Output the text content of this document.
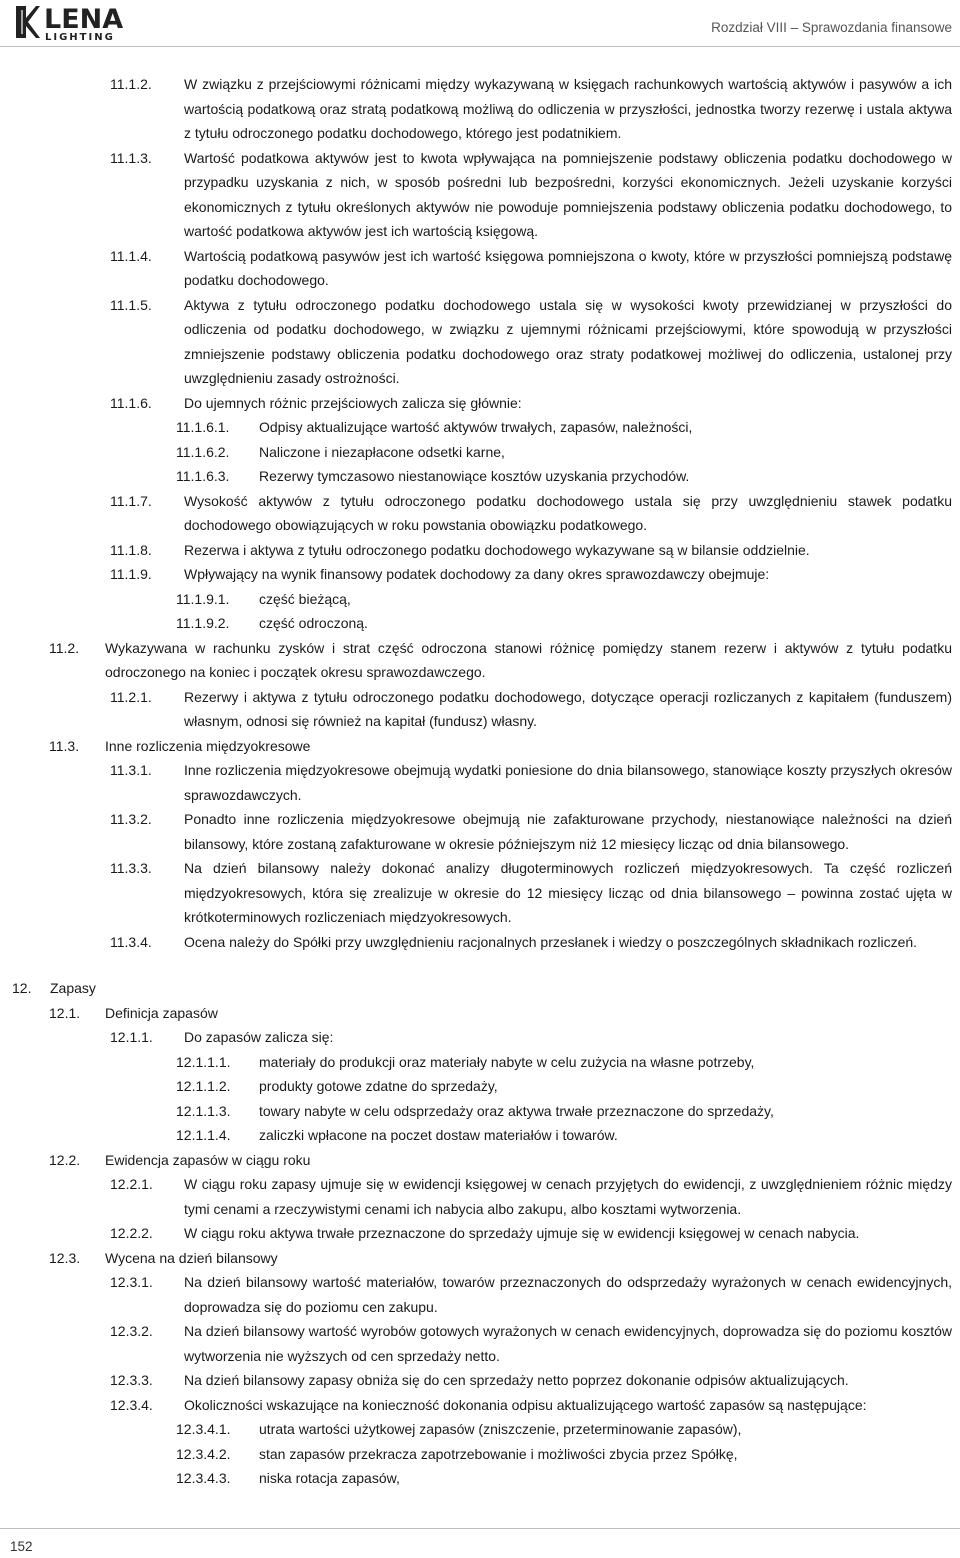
LENA
LIGHTING
Rozdział VIII – Sprawozdania finansowe
11.1.2. W związku z przejściowymi różnicami między wykazywaną w księgach rachunkowych wartością aktywów i pasywów a ich wartością podatkową oraz stratą podatkową możliwą do odliczenia w przyszłości, jednostka tworzy rezerwę i ustala aktywa z tytułu odroczonego podatku dochodowego, którego jest podatnikiem.
11.1.3. Wartość podatkowa aktywów jest to kwota wpływająca na pomniejszenie podstawy obliczenia podatku dochodowego w przypadku uzyskania z nich, w sposób pośredni lub bezpośredni, korzyści ekonomicznych. Jeżeli uzyskanie korzyści ekonomicznych z tytułu określonych aktywów nie powoduje pomniejszenia podstawy obliczenia podatku dochodowego, to wartość podatkowa aktywów jest ich wartością księgową.
11.1.4. Wartością podatkową pasywów jest ich wartość księgowa pomniejszona o kwoty, które w przyszłości pomniejszą podstawę podatku dochodowego.
11.1.5. Aktywa z tytułu odroczonego podatku dochodowego ustala się w wysokości kwoty przewidzianej w przyszłości do odliczenia od podatku dochodowego, w związku z ujemnymi różnicami przejściowymi, które spowodują w przyszłości zmniejszenie podstawy obliczenia podatku dochodowego oraz straty podatkowej możliwej do odliczenia, ustalonej przy uwzględnieniu zasady ostrożności.
11.1.6. Do ujemnych różnic przejściowych zalicza się głównie:
11.1.6.1. Odpisy aktualizujące wartość aktywów trwałych, zapasów, należności,
11.1.6.2. Naliczone i niezapłacone odsetki karne,
11.1.6.3. Rezerwy tymczasowo niestanowiące kosztów uzyskania przychodów.
11.1.7. Wysokość aktywów z tytułu odroczonego podatku dochodowego ustala się przy uwzględnieniu stawek podatku dochodowego obowiązujących w roku powstania obowiązku podatkowego.
11.1.8. Rezerwa i aktywa z tytułu odroczonego podatku dochodowego wykazywane są w bilansie oddzielnie.
11.1.9. Wpływający na wynik finansowy podatek dochodowy za dany okres sprawozdawczy obejmuje:
11.1.9.1. część bieżącą,
11.1.9.2. część odroczoną.
11.2. Wykazywana w rachunku zysków i strat część odroczona stanowi różnicę pomiędzy stanem rezerw i aktywów z tytułu podatku odroczonego na koniec i początek okresu sprawozdawczego.
11.2.1. Rezerwy i aktywa z tytułu odroczonego podatku dochodowego, dotyczące operacji rozliczanych z kapitałem (funduszem) własnym, odnosi się również na kapitał (fundusz) własny.
11.3. Inne rozliczenia międzyokresowe
11.3.1. Inne rozliczenia międzyokresowe obejmują wydatki poniesione do dnia bilansowego, stanowiące koszty przyszłych okresów sprawozdawczych.
11.3.2. Ponadto inne rozliczenia międzyokresowe obejmują nie zafakturowane przychody, niestanowiące należności na dzień bilansowy, które zostaną zafakturowane w okresie późniejszym niż 12 miesięcy licząc od dnia bilansowego.
11.3.3. Na dzień bilansowy należy dokonać analizy długoterminowych rozliczeń międzyokresowych. Ta część rozliczeń międzyokresowych, która się zrealizuje w okresie do 12 miesięcy licząc od dnia bilansowego – powinna zostać ujęta w krótkoterminowych rozliczeniach międzyokresowych.
11.3.4. Ocena należy do Spółki przy uwzględnieniu racjonalnych przesłanek i wiedzy o poszczególnych składnikach rozliczeń.
12. Zapasy
12.1. Definicja zapasów
12.1.1. Do zapasów zalicza się:
12.1.1.1. materiały do produkcji oraz materiały nabyte w celu zużycia na własne potrzeby,
12.1.1.2. produkty gotowe zdatne do sprzedaży,
12.1.1.3. towary nabyte w celu odsprzedaży oraz aktywa trwałe przeznaczone do sprzedaży,
12.1.1.4. zaliczki wpłacone na poczet dostaw materiałów i towarów.
12.2. Ewidencja zapasów w ciągu roku
12.2.1. W ciągu roku zapasy ujmuje się w ewidencji księgowej w cenach przyjętych do ewidencji, z uwzględnieniem różnic między tymi cenami a rzeczywistymi cenami ich nabycia albo zakupu, albo kosztami wytworzenia.
12.2.2. W ciągu roku aktywa trwałe przeznaczone do sprzedaży ujmuje się w ewidencji księgowej w cenach nabycia.
12.3. Wycena na dzień bilansowy
12.3.1. Na dzień bilansowy wartość materiałów, towarów przeznaczonych do odsprzedaży wyrażonych w cenach ewidencyjnych, doprowadza się do poziomu cen zakupu.
12.3.2. Na dzień bilansowy wartość wyrobów gotowych wyrażonych w cenach ewidencyjnych, doprowadza się do poziomu kosztów wytworzenia nie wyższych od cen sprzedaży netto.
12.3.3. Na dzień bilansowy zapasy obniża się do cen sprzedaży netto poprzez dokonanie odpisów aktualizujących.
12.3.4. Okoliczności wskazujące na konieczność dokonania odpisu aktualizującego wartość zapasów są następujące:
12.3.4.1. utrata wartości użytkowej zapasów (zniszczenie, przeterminowanie zapasów),
12.3.4.2. stan zapasów przekracza zapotrzebowanie i możliwości zbycia przez Spółkę,
12.3.4.3. niska rotacja zapasów,
152
